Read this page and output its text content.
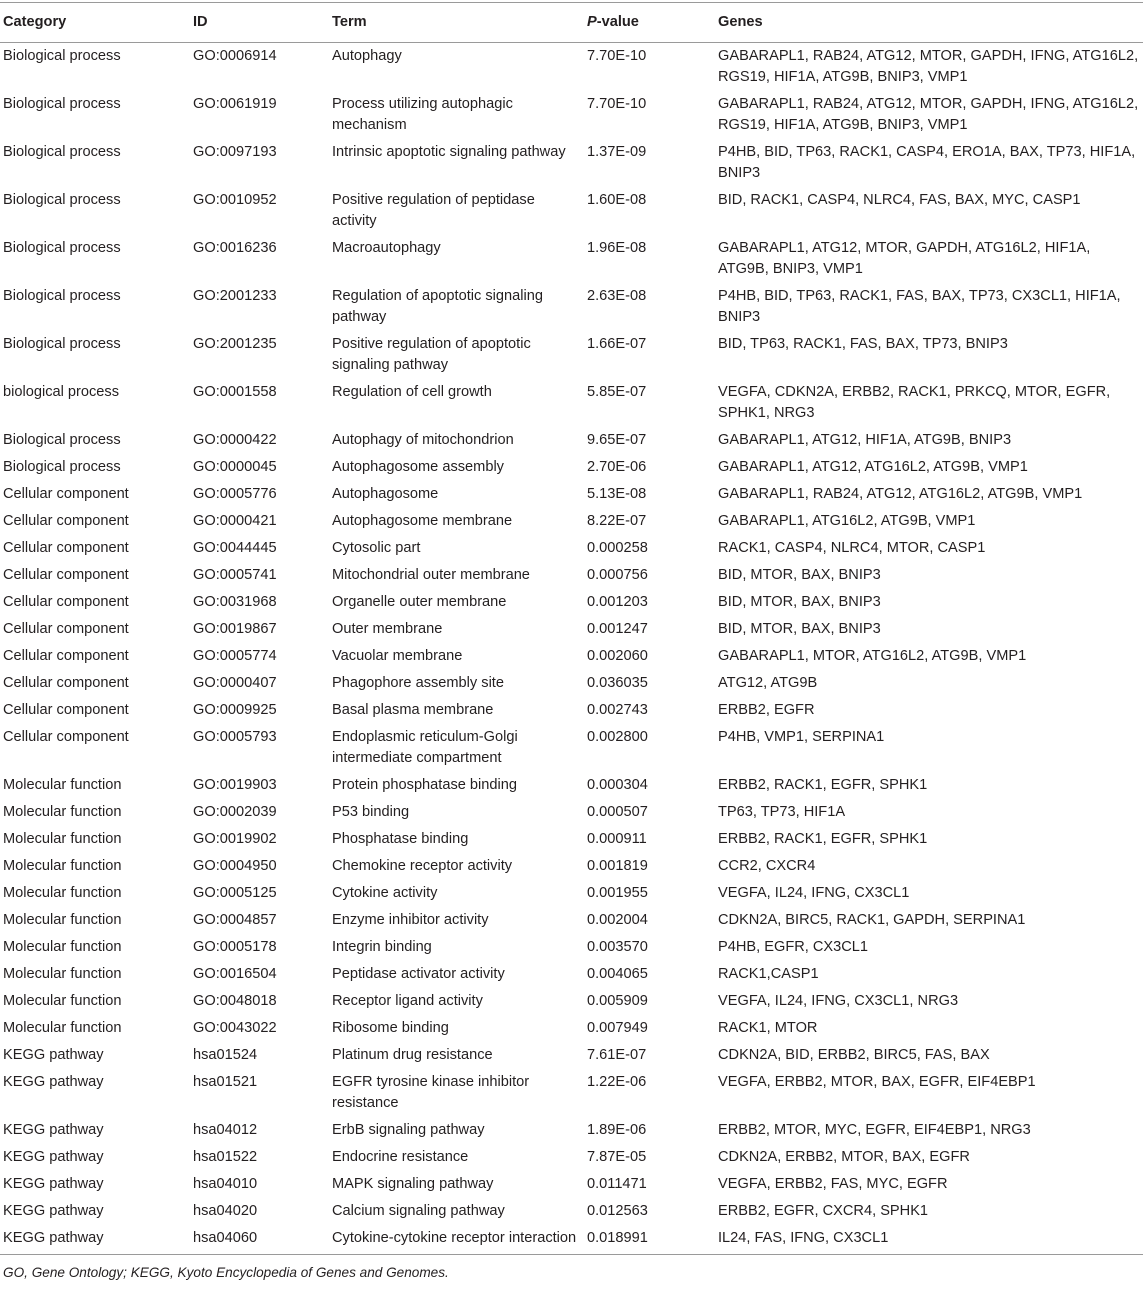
Category	ID	Term	P-value	Genes
Biological process	GO:0006914	Autophagy	7.70E-10	GABARAPL1, RAB24, ATG12, MTOR, GAPDH, IFNG, ATG16L2, RGS19, HIF1A, ATG9B, BNIP3, VMP1
Biological process	GO:0061919	Process utilizing autophagic mechanism	7.70E-10	GABARAPL1, RAB24, ATG12, MTOR, GAPDH, IFNG, ATG16L2, RGS19, HIF1A, ATG9B, BNIP3, VMP1
Biological process	GO:0097193	Intrinsic apoptotic signaling pathway	1.37E-09	P4HB, BID, TP63, RACK1, CASP4, ERO1A, BAX, TP73, HIF1A, BNIP3
Biological process	GO:0010952	Positive regulation of peptidase activity	1.60E-08	BID, RACK1, CASP4, NLRC4, FAS, BAX, MYC, CASP1
Biological process	GO:0016236	Macroautophagy	1.96E-08	GABARAPL1, ATG12, MTOR, GAPDH, ATG16L2, HIF1A, ATG9B, BNIP3, VMP1
Biological process	GO:2001233	Regulation of apoptotic signaling pathway	2.63E-08	P4HB, BID, TP63, RACK1, FAS, BAX, TP73, CX3CL1, HIF1A, BNIP3
Biological process	GO:2001235	Positive regulation of apoptotic signaling pathway	1.66E-07	BID, TP63, RACK1, FAS, BAX, TP73, BNIP3
biological process	GO:0001558	Regulation of cell growth	5.85E-07	VEGFA, CDKN2A, ERBB2, RACK1, PRKCQ, MTOR, EGFR, SPHK1, NRG3
Biological process	GO:0000422	Autophagy of mitochondrion	9.65E-07	GABARAPL1, ATG12, HIF1A, ATG9B, BNIP3
Biological process	GO:0000045	Autophagosome assembly	2.70E-06	GABARAPL1, ATG12, ATG16L2, ATG9B, VMP1
Cellular component	GO:0005776	Autophagosome	5.13E-08	GABARAPL1, RAB24, ATG12, ATG16L2, ATG9B, VMP1
Cellular component	GO:0000421	Autophagosome membrane	8.22E-07	GABARAPL1, ATG16L2, ATG9B, VMP1
Cellular component	GO:0044445	Cytosolic part	0.000258	RACK1, CASP4, NLRC4, MTOR, CASP1
Cellular component	GO:0005741	Mitochondrial outer membrane	0.000756	BID, MTOR, BAX, BNIP3
Cellular component	GO:0031968	Organelle outer membrane	0.001203	BID, MTOR, BAX, BNIP3
Cellular component	GO:0019867	Outer membrane	0.001247	BID, MTOR, BAX, BNIP3
Cellular component	GO:0005774	Vacuolar membrane	0.002060	GABARAPL1, MTOR, ATG16L2, ATG9B, VMP1
Cellular component	GO:0000407	Phagophore assembly site	0.036035	ATG12, ATG9B
Cellular component	GO:0009925	Basal plasma membrane	0.002743	ERBB2, EGFR
Cellular component	GO:0005793	Endoplasmic reticulum-Golgi intermediate compartment	0.002800	P4HB, VMP1, SERPINA1
Molecular function	GO:0019903	Protein phosphatase binding	0.000304	ERBB2, RACK1, EGFR, SPHK1
Molecular function	GO:0002039	P53 binding	0.000507	TP63, TP73, HIF1A
Molecular function	GO:0019902	Phosphatase binding	0.000911	ERBB2, RACK1, EGFR, SPHK1
Molecular function	GO:0004950	Chemokine receptor activity	0.001819	CCR2, CXCR4
Molecular function	GO:0005125	Cytokine activity	0.001955	VEGFA, IL24, IFNG, CX3CL1
Molecular function	GO:0004857	Enzyme inhibitor activity	0.002004	CDKN2A, BIRC5, RACK1, GAPDH, SERPINA1
Molecular function	GO:0005178	Integrin binding	0.003570	P4HB, EGFR, CX3CL1
Molecular function	GO:0016504	Peptidase activator activity	0.004065	RACK1,CASP1
Molecular function	GO:0048018	Receptor ligand activity	0.005909	VEGFA, IL24, IFNG, CX3CL1, NRG3
Molecular function	GO:0043022	Ribosome binding	0.007949	RACK1, MTOR
KEGG pathway	hsa01524	Platinum drug resistance	7.61E-07	CDKN2A, BID, ERBB2, BIRC5, FAS, BAX
KEGG pathway	hsa01521	EGFR tyrosine kinase inhibitor resistance	1.22E-06	VEGFA, ERBB2, MTOR, BAX, EGFR, EIF4EBP1
KEGG pathway	hsa04012	ErbB signaling pathway	1.89E-06	ERBB2, MTOR, MYC, EGFR, EIF4EBP1, NRG3
KEGG pathway	hsa01522	Endocrine resistance	7.87E-05	CDKN2A, ERBB2, MTOR, BAX, EGFR
KEGG pathway	hsa04010	MAPK signaling pathway	0.011471	VEGFA, ERBB2, FAS, MYC, EGFR
KEGG pathway	hsa04020	Calcium signaling pathway	0.012563	ERBB2, EGFR, CXCR4, SPHK1
KEGG pathway	hsa04060	Cytokine-cytokine receptor interaction	0.018991	IL24, FAS, IFNG, CX3CL1
GO, Gene Ontology; KEGG, Kyoto Encyclopedia of Genes and Genomes.
